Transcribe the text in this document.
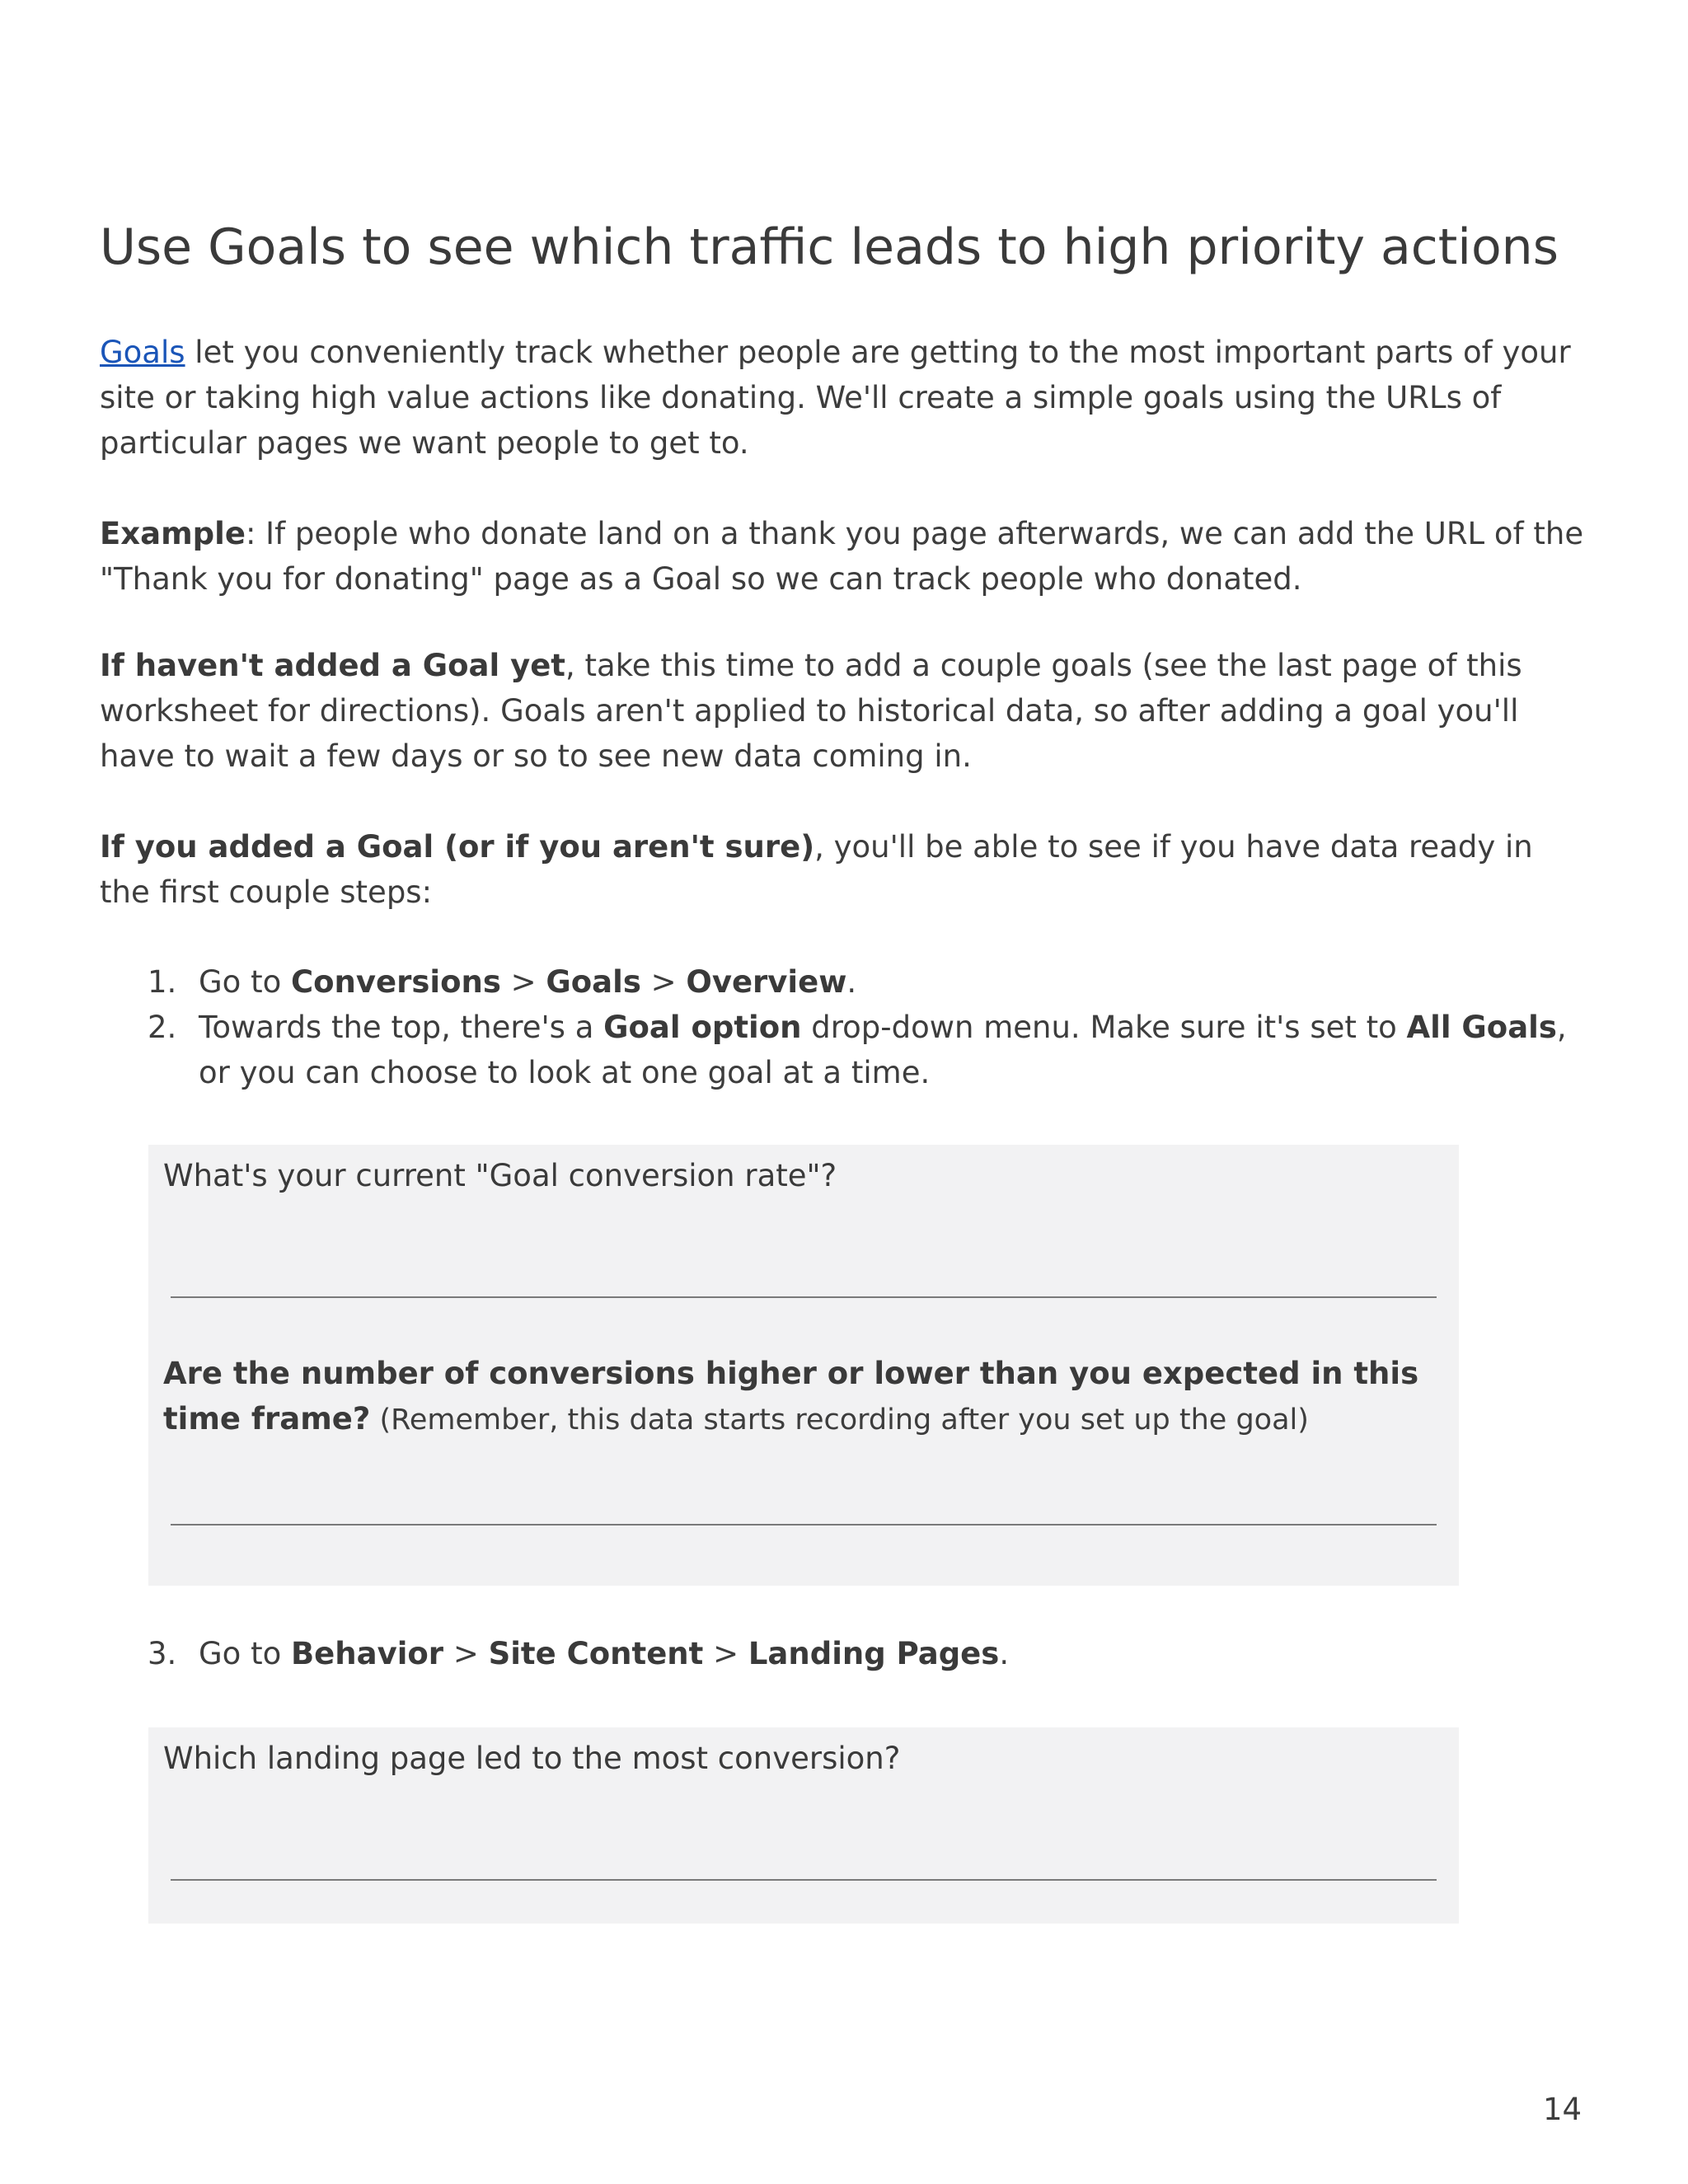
Use Goals to see which traffic leads to high priority actions

Goals let you conveniently track whether people are getting to the most important parts of your site or taking high value actions like donating. We'll create a simple goals using the URLs of particular pages we want people to get to.

Example: If people who donate land on a thank you page afterwards, we can add the URL of the "Thank you for donating" page as a Goal so we can track people who donated.

If haven't added a Goal yet, take this time to add a couple goals (see the last page of this worksheet for directions). Goals aren't applied to historical data, so after adding a goal you'll have to wait a few days or so to see new data coming in.

If you added a Goal (or if you aren't sure), you'll be able to see if you have data ready in the first couple steps:

1. Go to Conversions > Goals > Overview.
2. Towards the top, there's a Goal option drop-down menu. Make sure it's set to All Goals, or you can choose to look at one goal at a time.

What's your current "Goal conversion rate"?

Are the number of conversions higher or lower than you expected in this time frame? (Remember, this data starts recording after you set up the goal)

3. Go to Behavior > Site Content > Landing Pages.

Which landing page led to the most conversion?

14
